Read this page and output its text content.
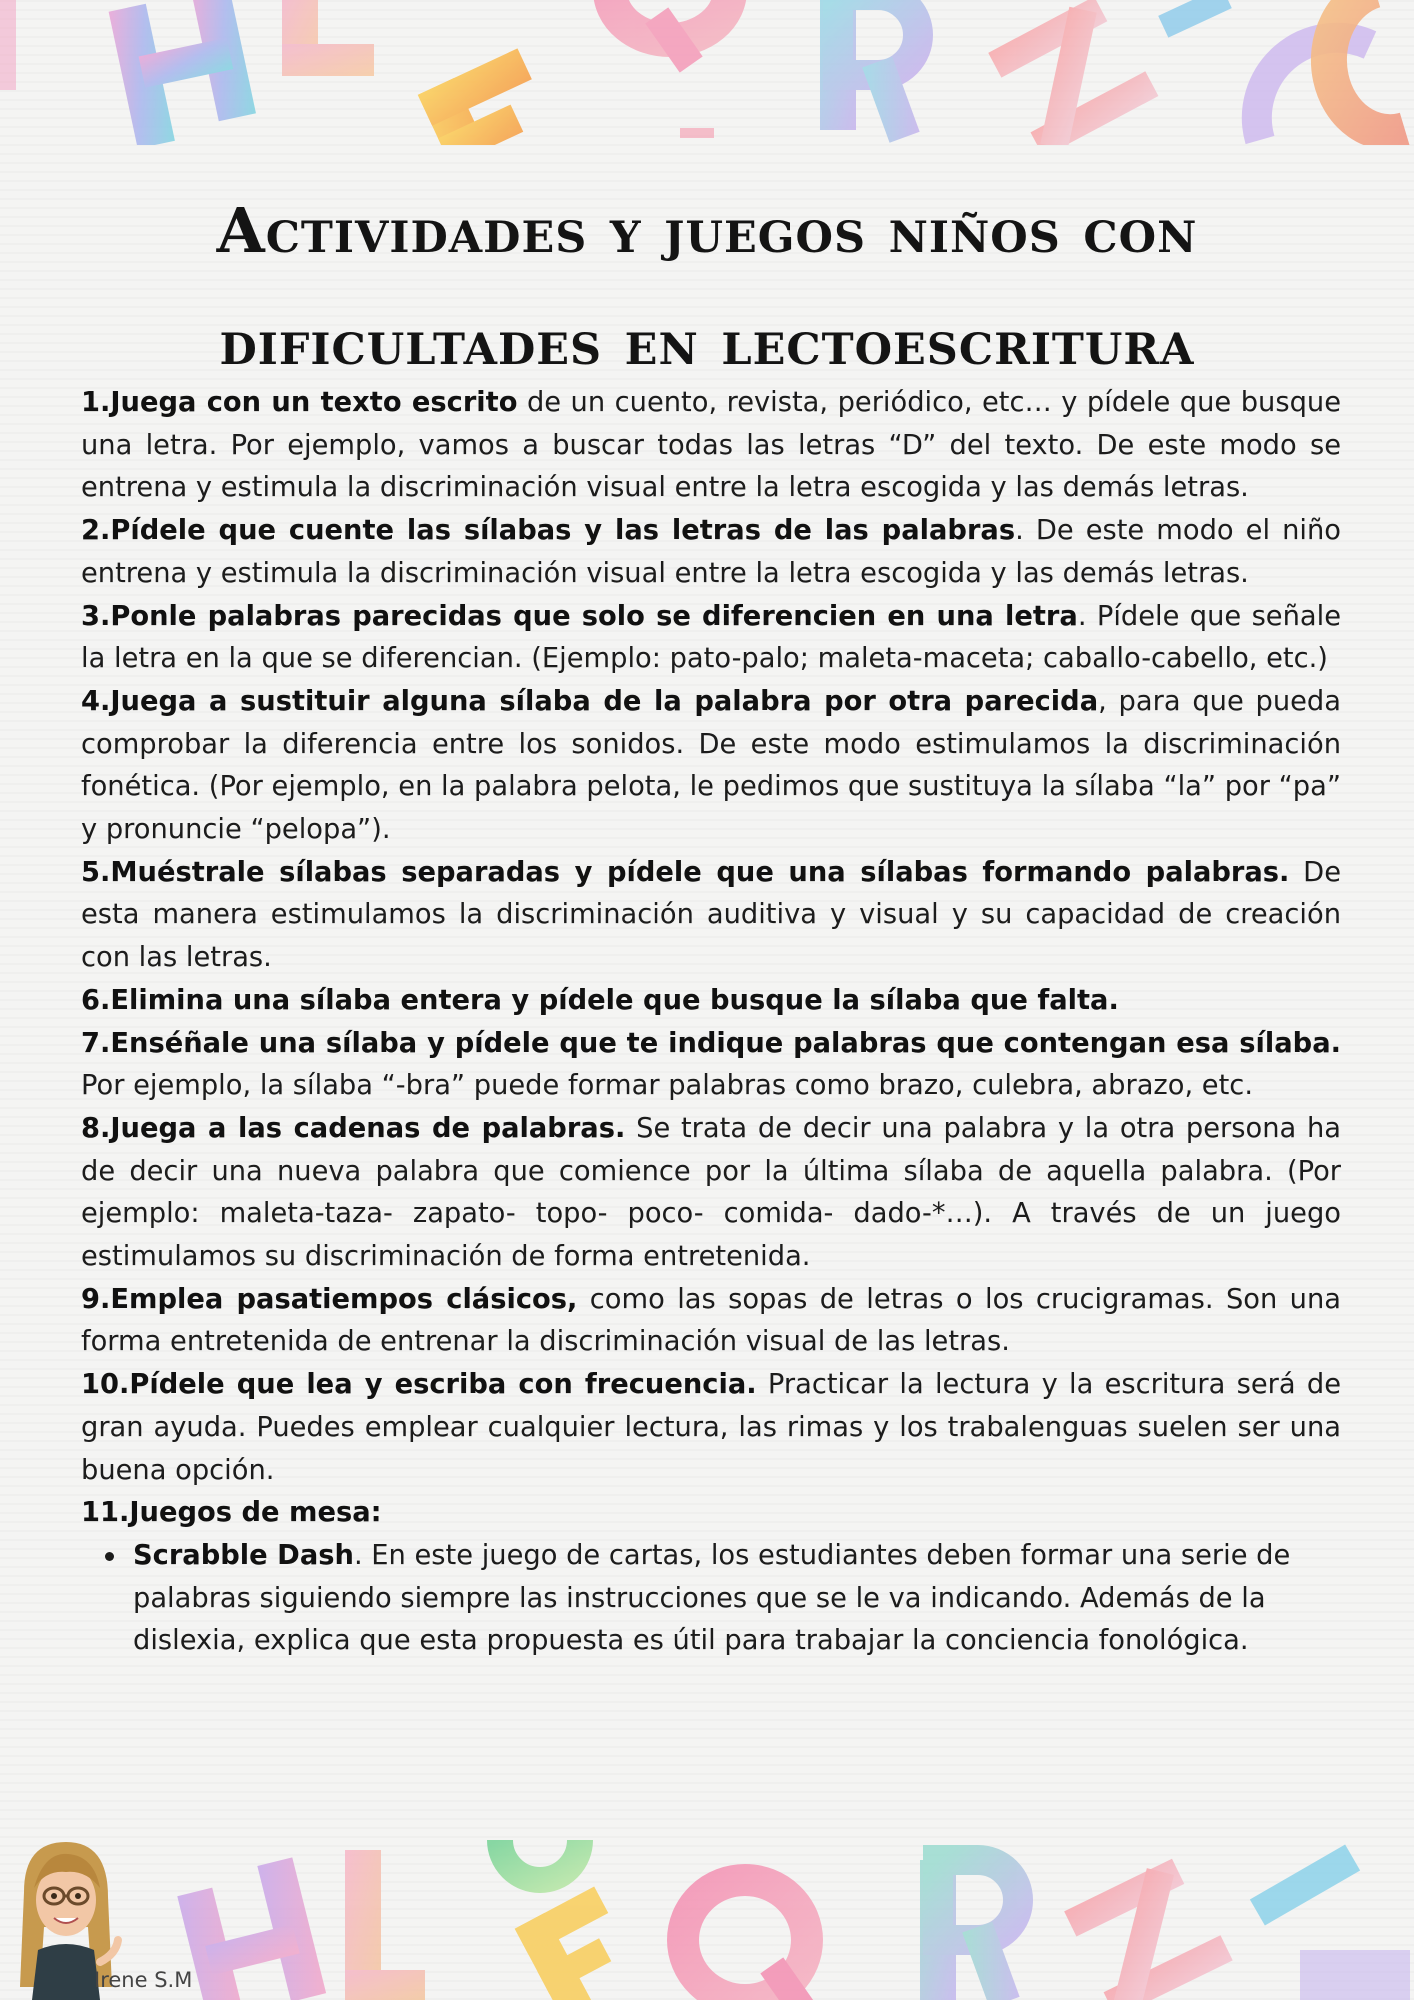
Actividades y juegos niños con dificultades en lectoescritura

1.Juega con un texto escrito de un cuento, revista, periódico, etc… y pídele que busque una letra. Por ejemplo, vamos a buscar todas las letras “D” del texto. De este modo se entrena y estimula la discriminación visual entre la letra escogida y las demás letras.

2.Pídele que cuente las sílabas y las letras de las palabras. De este modo el niño entrena y estimula la discriminación visual entre la letra escogida y las demás letras.

3.Ponle palabras parecidas que solo se diferencien en una letra. Pídele que señale la letra en la que se diferencian. (Ejemplo: pato-palo; maleta-maceta; caballo-cabello, etc.)

4.Juega a sustituir alguna sílaba de la palabra por otra parecida, para que pueda comprobar la diferencia entre los sonidos. De este modo estimulamos la discriminación fonética. (Por ejemplo, en la palabra pelota, le pedimos que sustituya la sílaba “la” por “pa” y pronuncie “pelopa”).

5.Muéstrale sílabas separadas y pídele que una sílabas formando palabras. De esta manera estimulamos la discriminación auditiva y visual y su capacidad de creación con las letras.

6.Elimina una sílaba entera y pídele que busque la sílaba que falta.

7.Enséñale una sílaba y pídele que te indique palabras que contengan esa sílaba. Por ejemplo, la sílaba “-bra” puede formar palabras como brazo, culebra, abrazo, etc.

8.Juega a las cadenas de palabras. Se trata de decir una palabra y la otra persona ha de decir una nueva palabra que comience por la última sílaba de aquella palabra. (Por ejemplo: maleta-taza- zapato- topo- poco- comida- dado-*…). A través de un juego estimulamos su discriminación de forma entretenida.

9.Emplea pasatiempos clásicos, como las sopas de letras o los crucigramas. Son una forma entretenida de entrenar la discriminación visual de las letras.

10.Pídele que lea y escriba con frecuencia. Practicar la lectura y la escritura será de gran ayuda. Puedes emplear cualquier lectura, las rimas y los trabalenguas suelen ser una buena opción.

11.Juegos de mesa:

Scrabble Dash. En este juego de cartas, los estudiantes deben formar una serie de palabras siguiendo siempre las instrucciones que se le va indicando. Además de la dislexia, explica que esta propuesta es útil para trabajar la conciencia fonológica.
Irene S.M
